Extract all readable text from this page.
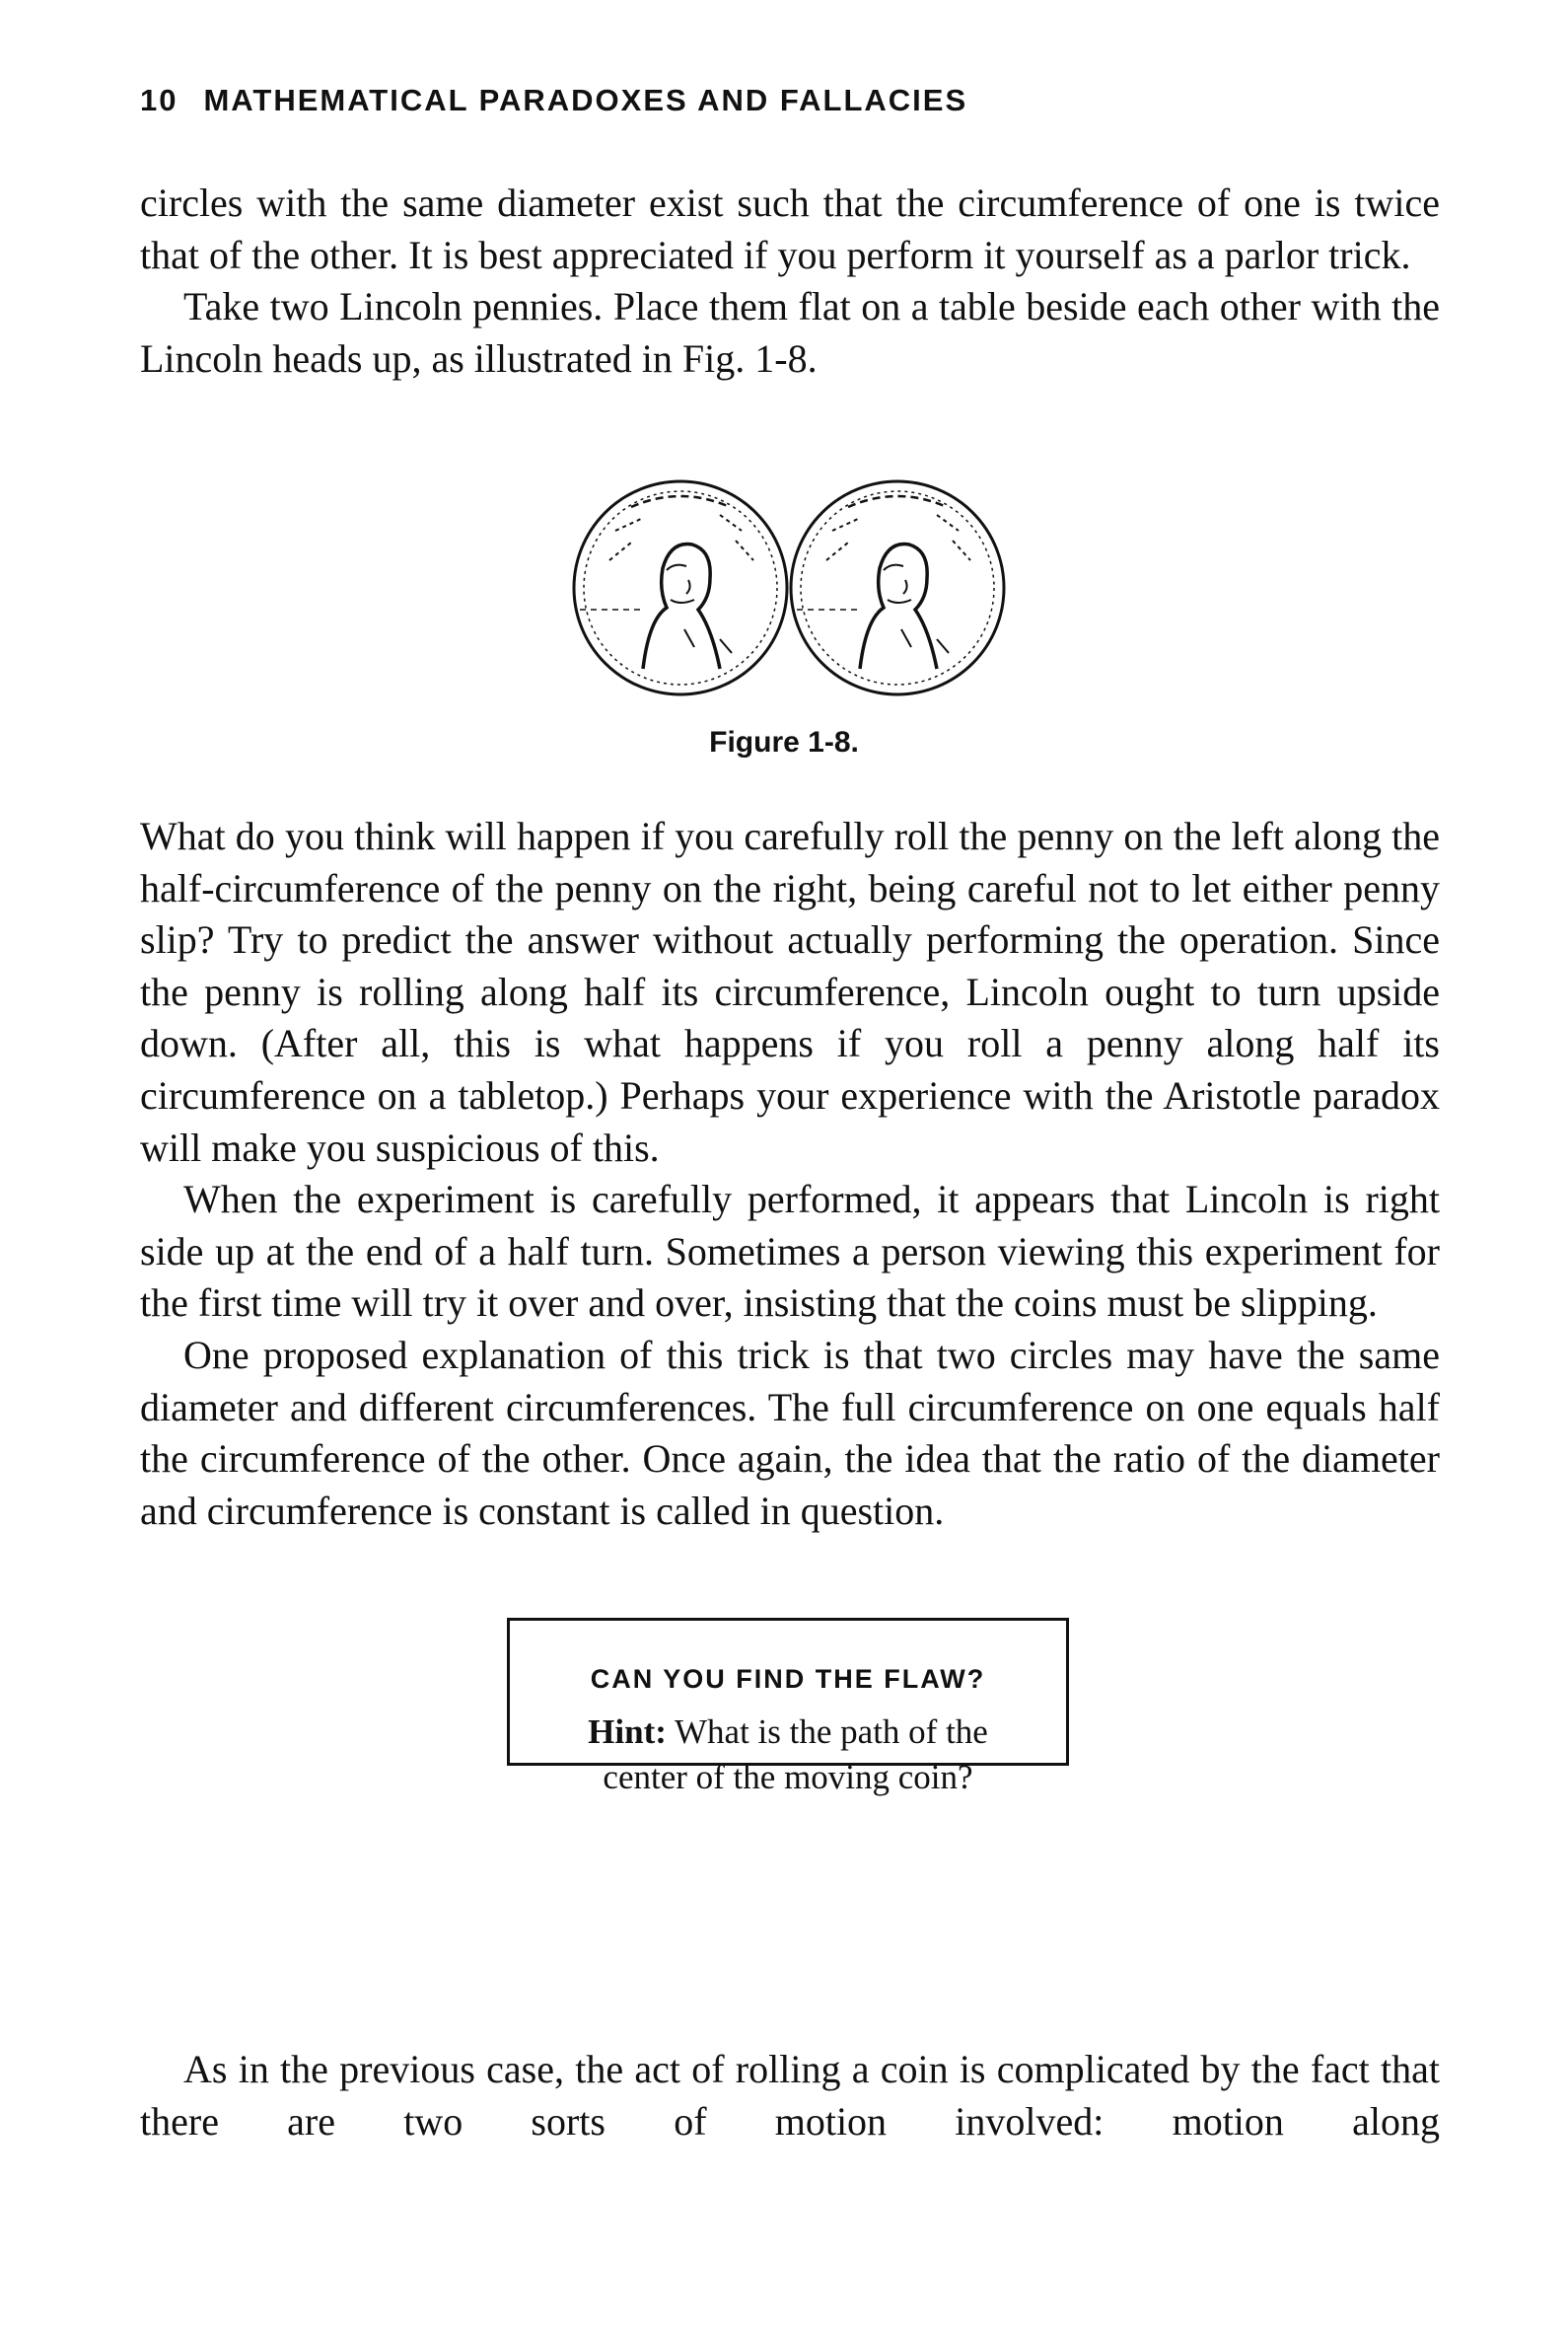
10 MATHEMATICAL PARADOXES AND FALLACIES

circles with the same diameter exist such that the circumference of one is twice that of the other. It is best appreciated if you perform it yourself as a parlor trick.

Take two Lincoln pennies. Place them flat on a table beside each other with the Lincoln heads up, as illustrated in Fig. 1-8.

Figure 1-8.

What do you think will happen if you carefully roll the penny on the left along the half-circumference of the penny on the right, being careful not to let either penny slip? Try to predict the answer without actually performing the operation. Since the penny is rolling along half its circumference, Lincoln ought to turn upside down. (After all, this is what happens if you roll a penny along half its circumference on a tabletop.) Perhaps your experience with the Aristotle paradox will make you suspicious of this.

When the experiment is carefully performed, it appears that Lincoln is right side up at the end of a half turn. Sometimes a person viewing this experiment for the first time will try it over and over, insisting that the coins must be slipping.

One proposed explanation of this trick is that two circles may have the same diameter and different circumferences. The full circumference on one equals half the circumference of the other. Once again, the idea that the ratio of the diameter and circumference is constant is called in question.

CAN YOU FIND THE FLAW?
Hint: What is the path of the
center of the moving coin?

As in the previous case, the act of rolling a coin is complicated by the fact that there are two sorts of motion involved: motion along
